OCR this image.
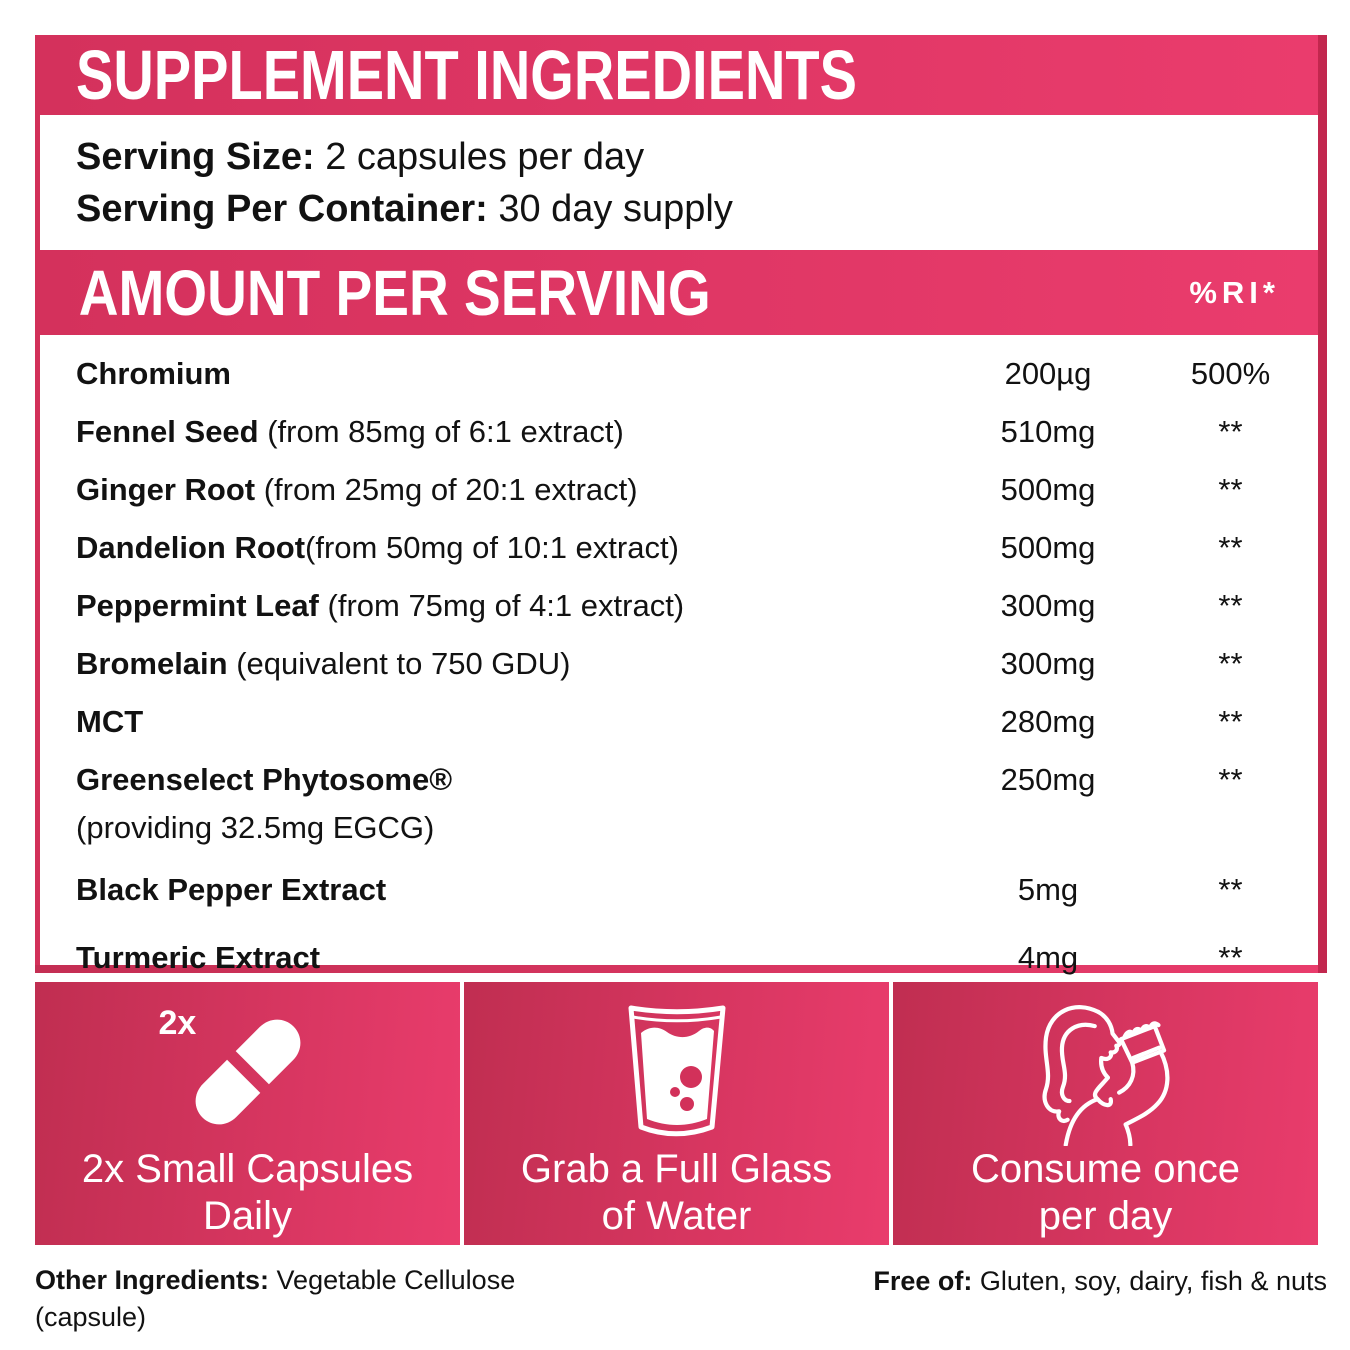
SUPPLEMENT INGREDIENTS
Serving Size: 2 capsules per day
Serving Per Container: 30 day supply
AMOUNT PER SERVING	%RI*
Chromium	200µg	500%
Fennel Seed (from 85mg of 6:1 extract)	510mg	**
Ginger Root (from 25mg of 20:1 extract)	500mg	**
Dandelion Root(from 50mg of 10:1 extract)	500mg	**
Peppermint Leaf (from 75mg of 4:1 extract)	300mg	**
Bromelain (equivalent to 750 GDU)	300mg	**
MCT	280mg	**
Greenselect Phytosome®	250mg	**
(providing 32.5mg EGCG)
Black Pepper Extract	5mg	**
Turmeric Extract	4mg	**
2x
2x Small Capsules
Daily
Grab a Full Glass
of Water
Consume once
per day
Other Ingredients: Vegetable Cellulose
(capsule)
Free of: Gluten, soy, dairy, fish & nuts
